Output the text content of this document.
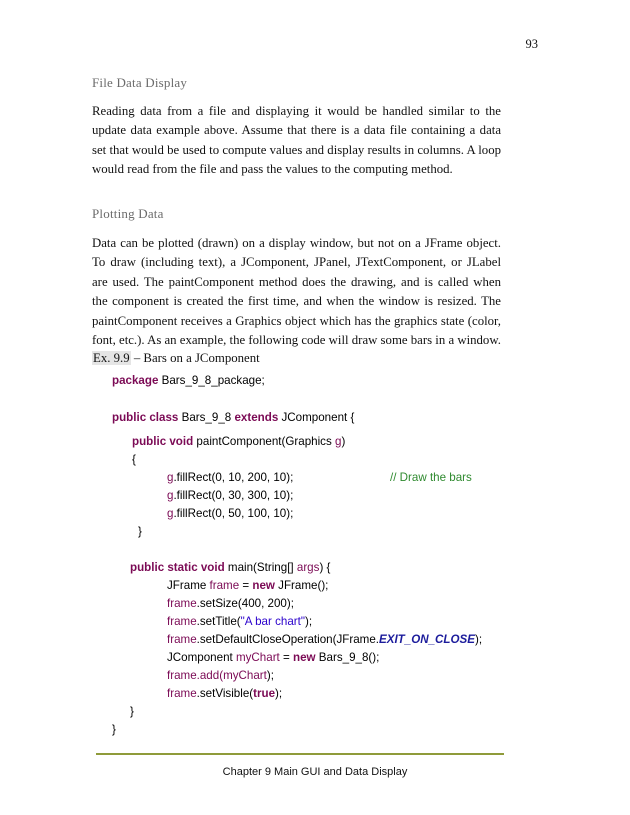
93
File Data Display

Reading data from a file and displaying it would be handled similar to the update data example above. Assume that there is a data file containing a data set that would be used to compute values and display results in columns. A loop would read from the file and pass the values to the computing method.

Plotting Data

Data can be plotted (drawn) on a display window, but not on a JFrame object. To draw (including text), a JComponent, JPanel, JTextComponent, or JLabel are used. The paintComponent method does the drawing, and is called when the component is created the first time, and when the window is resized. The paintComponent receives a Graphics object which has the graphics state (color, font, etc.). As an example, the following code will draw some bars in a window.

Ex. 9.9 – Bars on a JComponent
package Bars_9_8_package;
public class Bars_9_8 extends JComponent {
public void paintComponent(Graphics g)
{
g.fillRect(0, 10, 200, 10);	// Draw the bars
g.fillRect(0, 30, 300, 10);
g.fillRect(0, 50, 100, 10);
}
public static void main(String[] args) {
JFrame frame = new JFrame();
frame.setSize(400, 200);
frame.setTitle("A bar chart");
frame.setDefaultCloseOperation(JFrame.EXIT_ON_CLOSE);
JComponent myChart = new Bars_9_8();
frame.add(myChart);
frame.setVisible(true);
}
}
Chapter 9 Main GUI and Data Display
